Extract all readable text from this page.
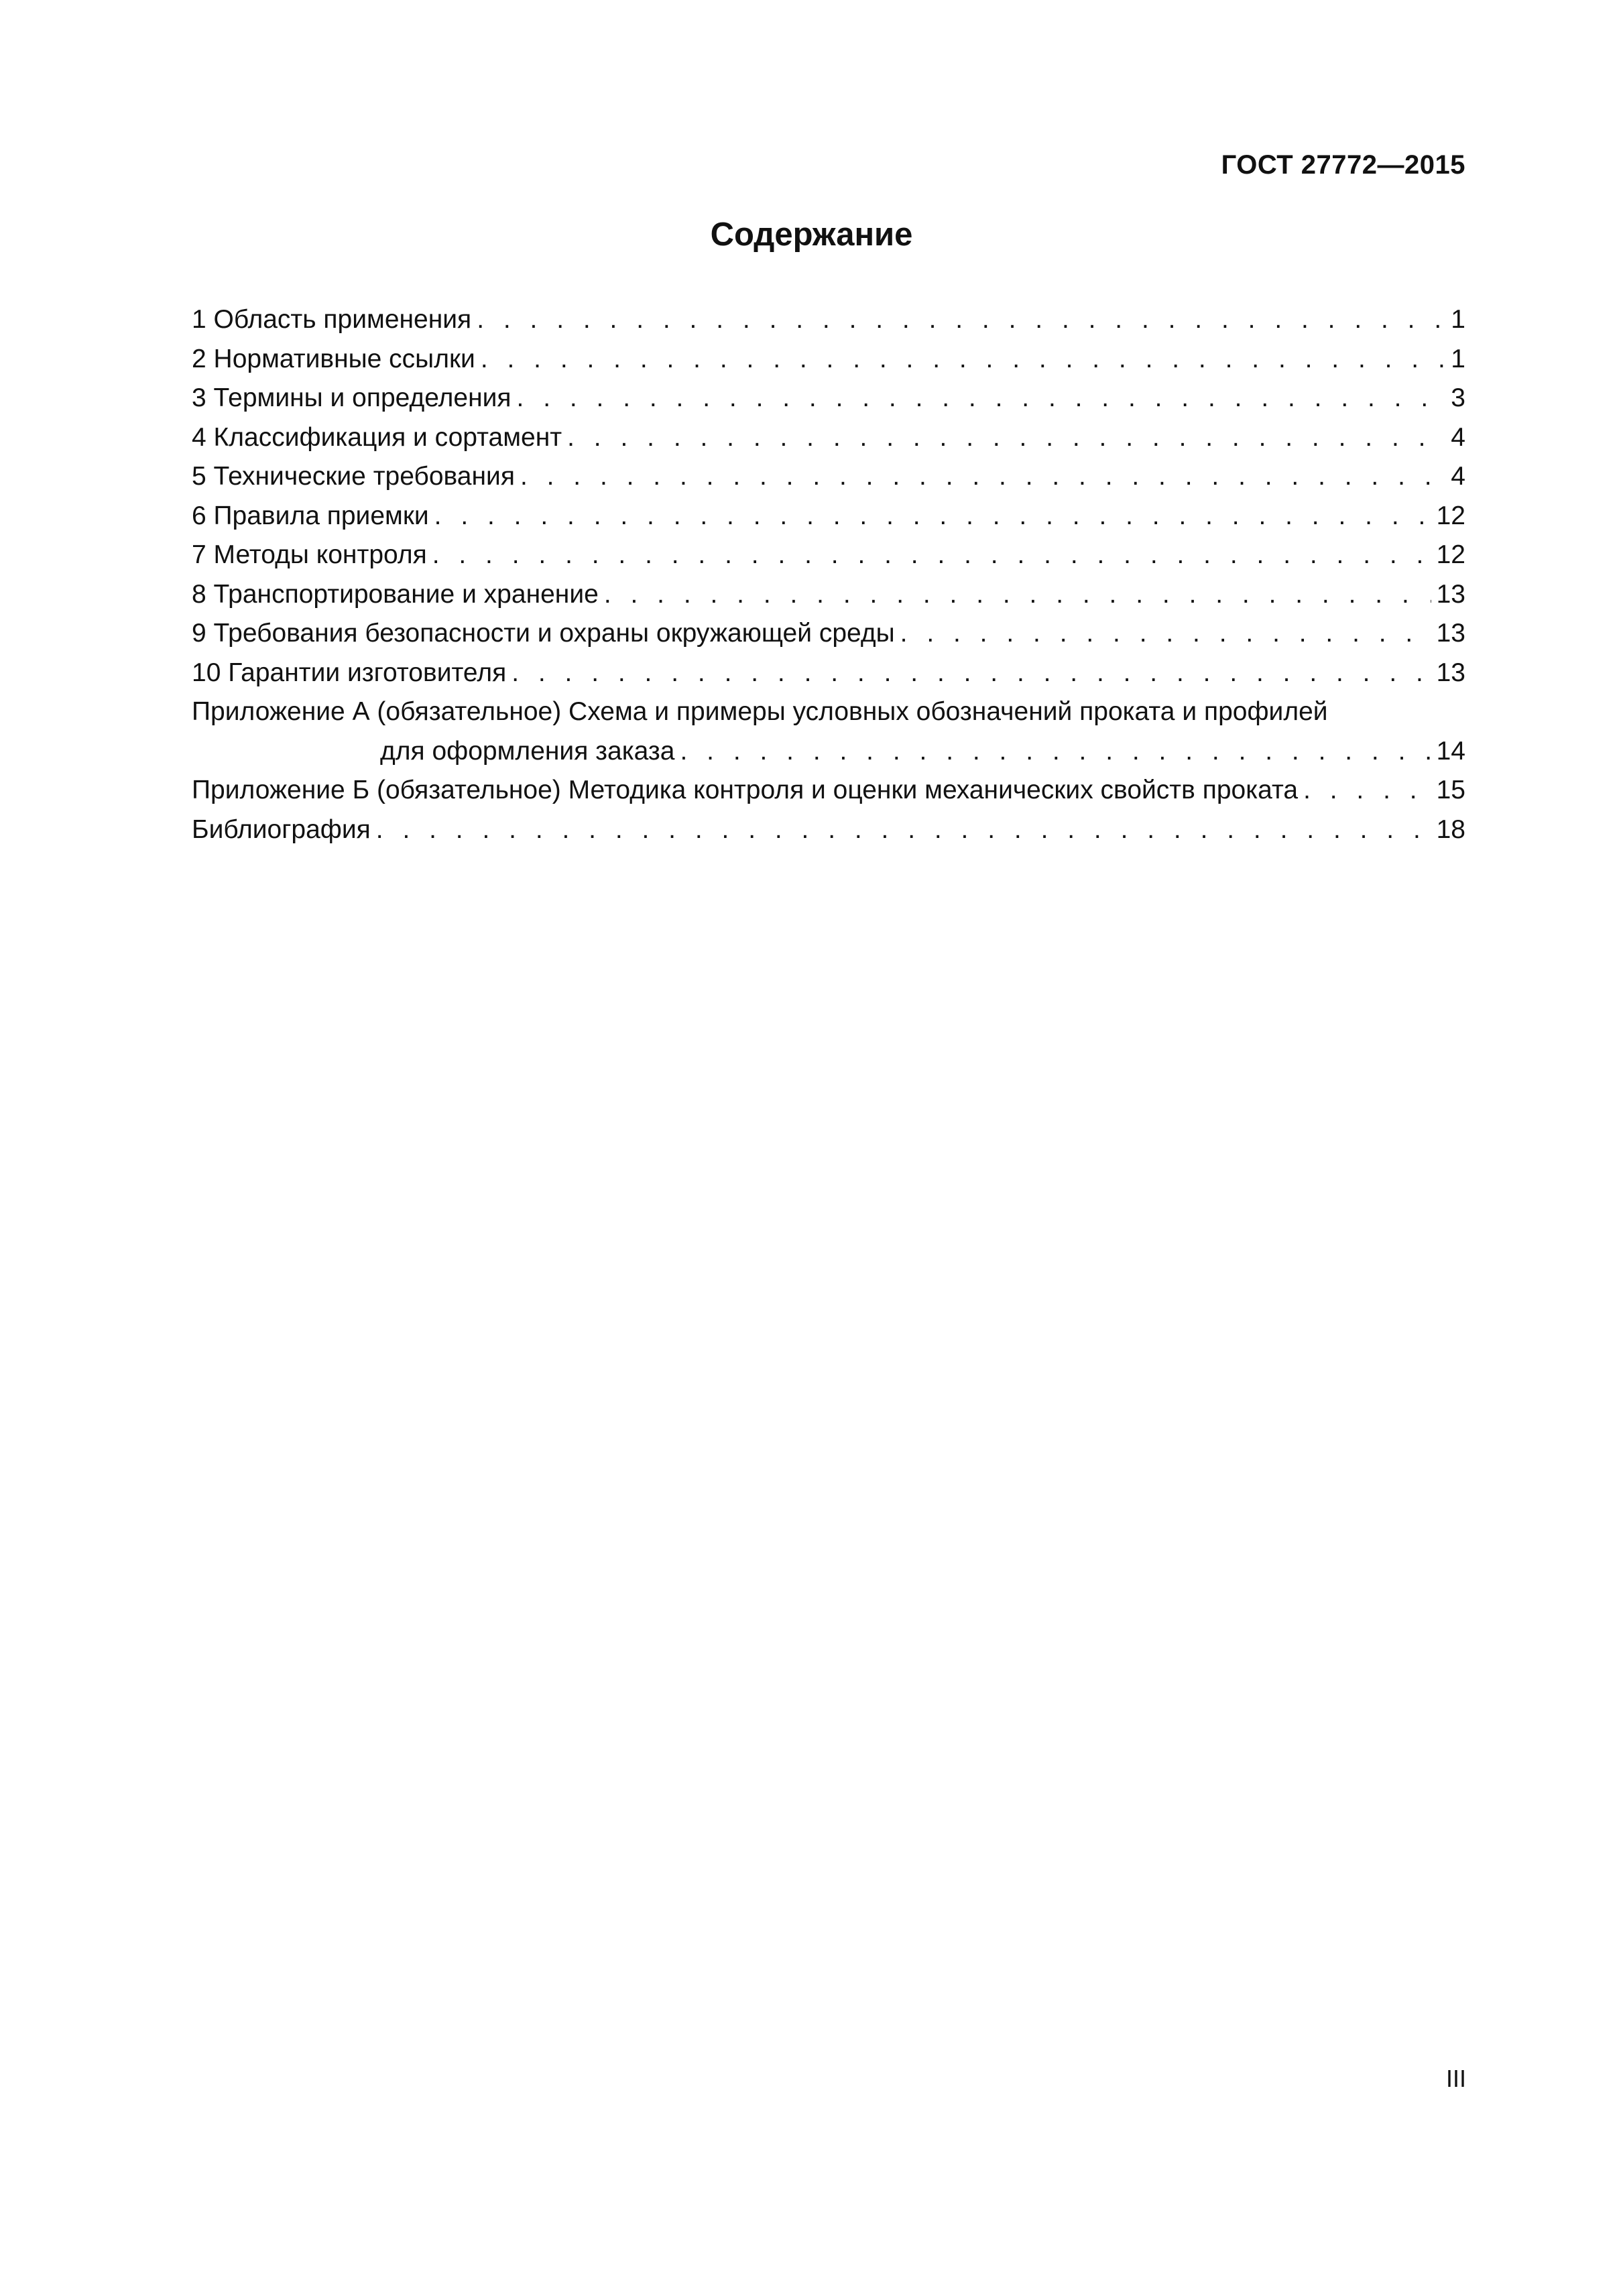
ГОСТ 27772—2015
Содержание
1 Область применения . . .	1
2 Нормативные ссылки . . .	1
3 Термины и определения . . .	3
4 Классификация и сортамент . . .	4
5 Технические требования . . .	4
6 Правила приемки . . .	12
7 Методы контроля . . .	12
8 Транспортирование и хранение . . .	13
9 Требования безопасности и охраны окружающей среды . . .	13
10 Гарантии изготовителя . . .	13
Приложение А (обязательное) Схема и примеры условных обозначений проката и профилей
для оформления заказа . . .	14
Приложение Б (обязательное) Методика контроля и оценки механических свойств проката . . .	15
Библиография . . .	18
III
